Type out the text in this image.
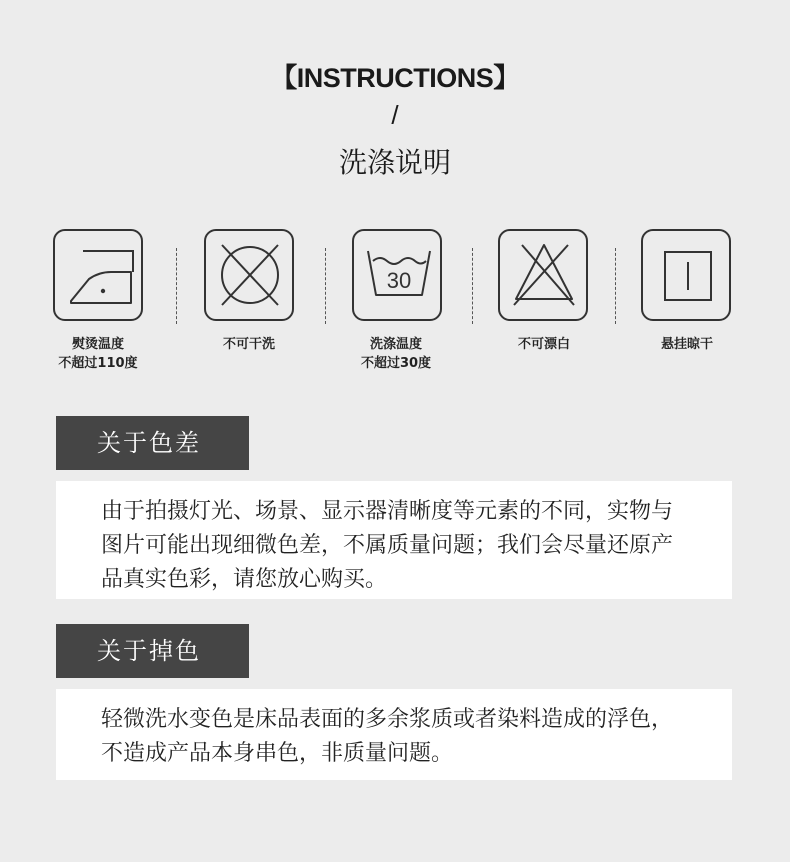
【INSTRUCTIONS】
/
洗涤说明
30
熨烫温度
不超过110度
不可干洗	洗涤温度
不超过30度
不可漂白	悬挂晾干
关于色差
由于拍摄灯光、场景、显示器清晰度等元素的不同，实物与图片可能出现细微色差，不属质量问题；我们会尽量还原产品真实色彩，请您放心购买。
关于掉色
轻微洗水变色是床品表面的多余浆质或者染料造成的浮色，不造成产品本身串色，非质量问题。
